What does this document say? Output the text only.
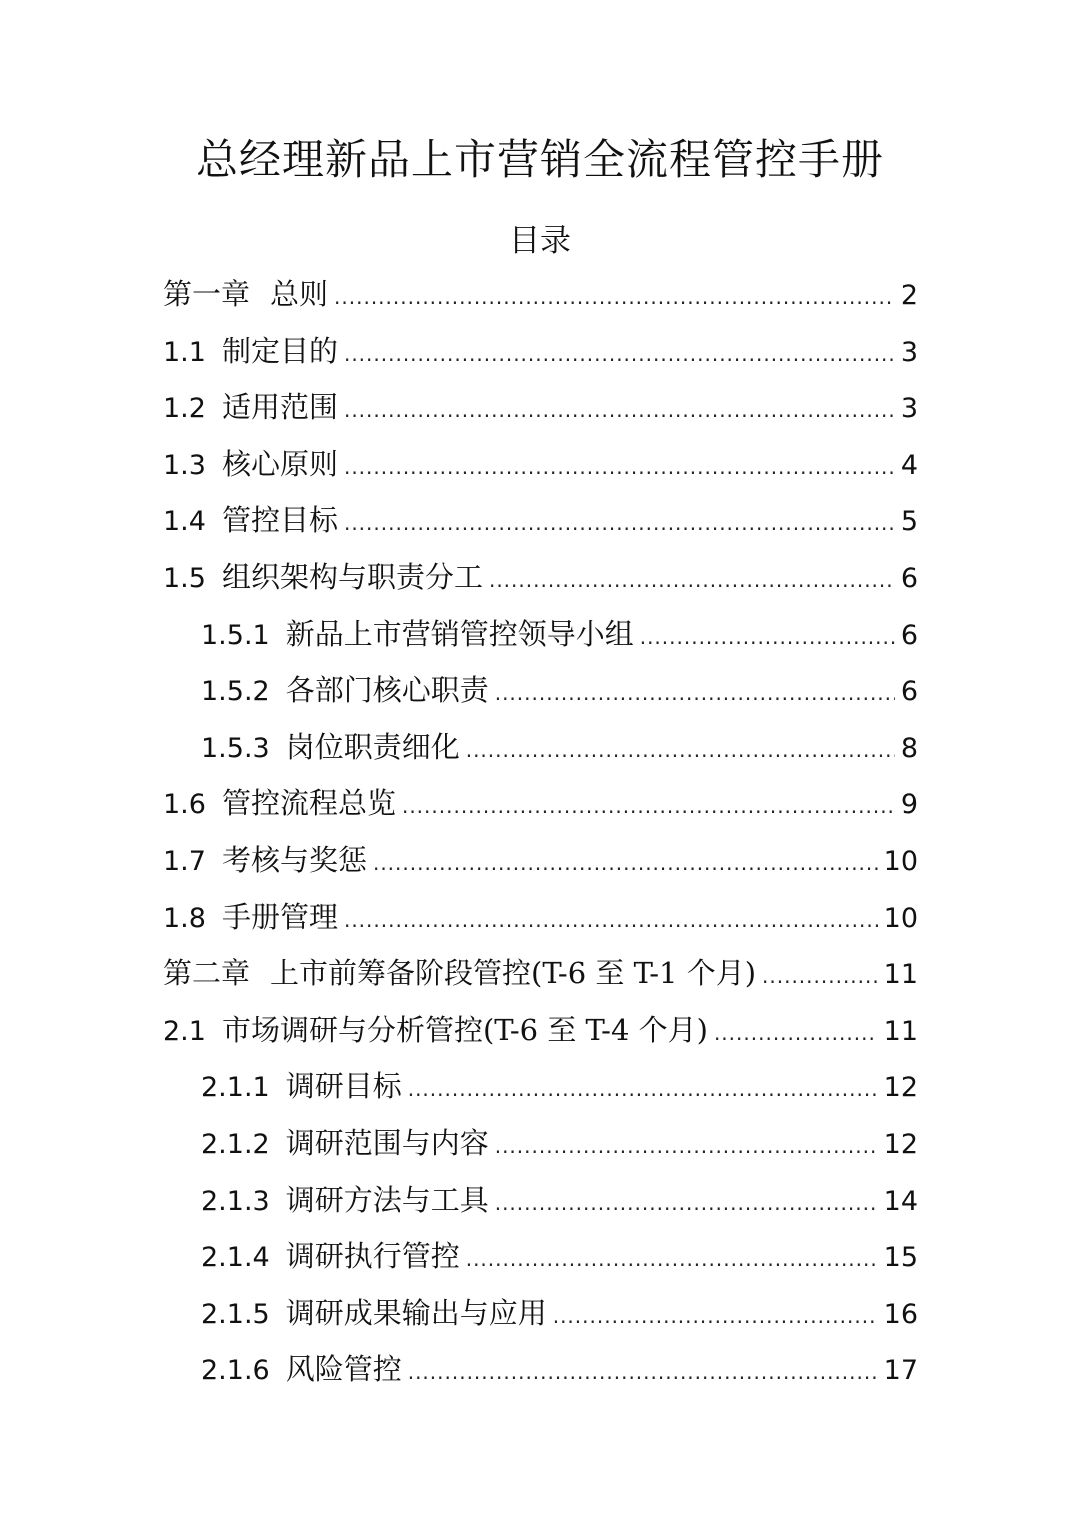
总经理新品上市营销全流程管控手册
目录
第一章 总则 .....	2
1.1 制定目的 .....	3
1.2 适用范围 .....	3
1.3 核心原则 .....	4
1.4 管控目标 .....	5
1.5 组织架构与职责分工 .....	6
1.5.1 新品上市营销管控领导小组 .....	6
1.5.2 各部门核心职责 .....	6
1.5.3 岗位职责细化 .....	8
1.6 管控流程总览 .....	9
1.7 考核与奖惩 .....	10
1.8 手册管理 .....	10
第二章 上市前筹备阶段管控(T-6 至 T-1 个月) .....	11
2.1 市场调研与分析管控(T-6 至 T-4 个月) .....	11
2.1.1 调研目标 .....	12
2.1.2 调研范围与内容 .....	12
2.1.3 调研方法与工具 .....	14
2.1.4 调研执行管控 .....	15
2.1.5 调研成果输出与应用 .....	16
2.1.6 风险管控 .....	17
